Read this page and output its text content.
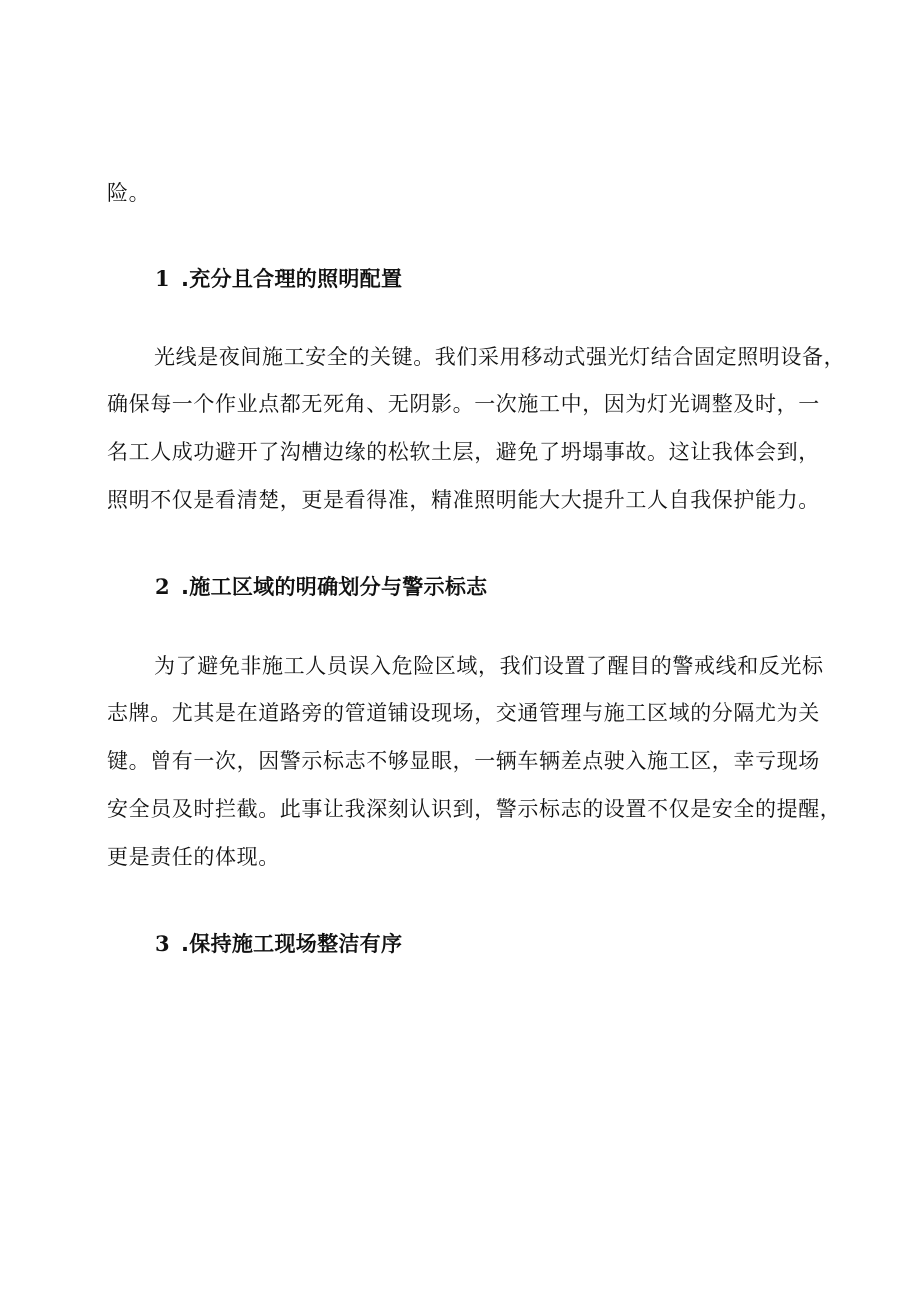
险。
1 .充分且合理的照明配置
光线是夜间施工安全的关键。我们采用移动式强光灯结合固定照明设备，
确保每一个作业点都无死角、无阴影。一次施工中，因为灯光调整及时，一
名工人成功避开了沟槽边缘的松软土层，避免了坍塌事故。这让我体会到，
照明不仅是看清楚，更是看得准，精准照明能大大提升工人自我保护能力。
2 .施工区域的明确划分与警示标志
为了避免非施工人员误入危险区域，我们设置了醒目的警戒线和反光标
志牌。尤其是在道路旁的管道铺设现场，交通管理与施工区域的分隔尤为关
键。曾有一次，因警示标志不够显眼，一辆车辆差点驶入施工区，幸亏现场
安全员及时拦截。此事让我深刻认识到，警示标志的设置不仅是安全的提醒，
更是责任的体现。
3 .保持施工现场整洁有序
